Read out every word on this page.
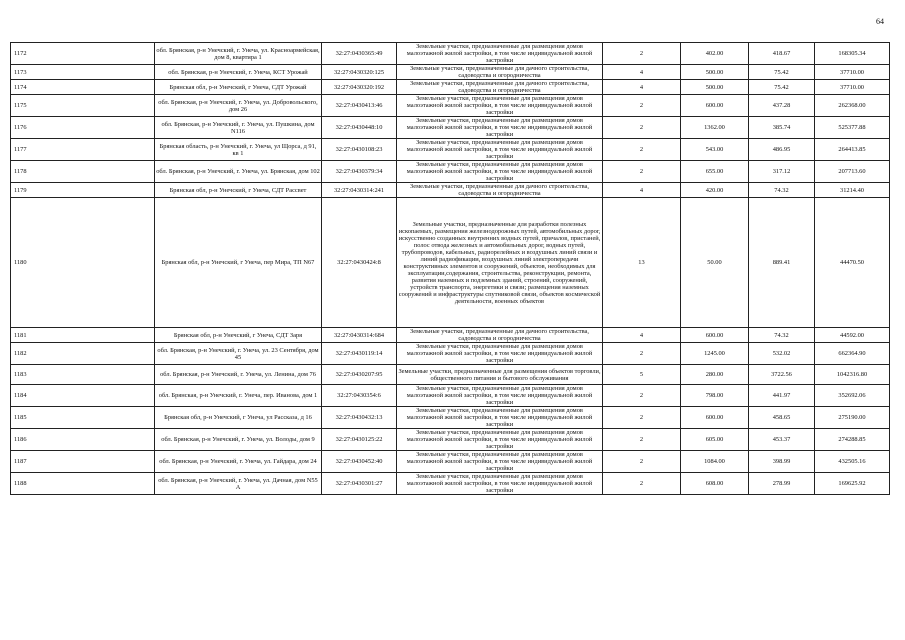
64
1172	обл. Брянская, р-н Унечский, г. Унеча, ул. Красноармейская, дом 8, квартира 1	32:27:0430365:49	Земельные участки, предназначенные для размещения домов малоэтажной жилой застройки, в том числе индивидуальной жилой застройки	2	402.00	418.67	168305.34
1173	обл. Брянская, р-н Унечский, г. Унеча, КСТ Урожай	32:27:0430320:125	Земельные участки, предназначенные для дачного строительства, садоводства и огородничества	4	500.00	75.42	37710.00
1174	Брянская обл, р-н Унечский, г Унеча, СДТ Урожай	32:27:0430320:192	Земельные участки, предназначенные для дачного строительства, садоводства и огородничества	4	500.00	75.42	37710.00
1175	обл. Брянская, р-н Унечский, г. Унеча, ул. Добровольского, дом 26	32:27:0430413:46	Земельные участки, предназначенные для размещения домов малоэтажной жилой застройки, в том числе индивидуальной жилой застройки	2	600.00	437.28	262368.00
1176	обл. Брянская, р-н Унечский, г. Унеча, ул. Пушкина, дом N116	32:27:0430448:10	Земельные участки, предназначенные для размещения домов малоэтажной жилой застройки, в том числе индивидуальной жилой застройки	2	1362.00	385.74	525377.88
1177	Брянская область, р-н Унечский, г. Унеча, ул Щорса, д 91, кв 1	32:27:0430108:23	Земельные участки, предназначенные для размещения домов малоэтажной жилой застройки, в том числе индивидуальной жилой застройки	2	543.00	486.95	264413.85
1178	обл. Брянская, р-н Унечский, г. Унеча, ул. Брянская, дом 102	32:27:0430379:34	Земельные участки, предназначенные для размещения домов малоэтажной жилой застройки, в том числе индивидуальной жилой застройки	2	655.00	317.12	207713.60
1179	Брянская обл, р-н Унечский, г Унеча, СДТ Рассвет	32:27:0430314:241	Земельные участки, предназначенные для дачного строительства, садоводства и огородничества	4	420.00	74.32	31214.40
1180	Брянская обл, р-н Унечский, г Унеча, пер Мира, ТП N67	32:27:0430424:8	Земельные участки, предназначенные для разработки полезных ископаемых, размещения железнодорожных путей, автомобильных дорог, искусственно созданных внутренних водных путей, причалов, пристаней, полос отвода железных и автомобильных дорог, водных путей, трубопроводов, кабельных, радиорелейных и воздушных линий связи и линий радиофикации, воздушных линий электропередачи конструктивных элементов и сооружений, объектов, необходимых для эксплуатации,содержания, строительства, реконструкции, ремонта, развития наземных и подземных зданий, строений, сооружений, устройств транспорта, энергетики и связи; размещения наземных сооружений и инфраструктуры спутниковой связи, объектов космической деятельности, военных объектов	13	50.00	889.41	44470.50
1181	Брянская обл, р-н Унечский, г Унеча, СДТ Заря	32:27:0430314:684	Земельные участки, предназначенные для дачного строительства, садоводства и огородничества	4	600.00	74.32	44592.00
1182	обл. Брянская, р-н Унечский, г. Унеча, ул. 23 Сентября, дом 45	32:27:0430119:14	Земельные участки, предназначенные для размещения домов малоэтажной жилой застройки, в том числе индивидуальной жилой застройки	2	1245.00	532.02	662364.90
1183	обл. Брянская, р-н Унечский, г. Унеча, ул. Ленина, дом 76	32:27:0430207:95	Земельные участки, предназначенные для размещения объектов торговли, общественного питания и бытового обслуживания	5	280.00	3722.56	1042316.80
1184	обл. Брянская, р-н Унечский, г. Унеча, пер. Иванова, дом 1	32:27:0430354:6	Земельные участки, предназначенные для размещения домов малоэтажной жилой застройки, в том числе индивидуальной жилой застройки	2	798.00	441.97	352692.06
1185	Брянская обл, р-н Унечский, г Унеча, ул Рассказа, д 16	32:27:0430432:13	Земельные участки, предназначенные для размещения домов малоэтажной жилой застройки, в том числе индивидуальной жилой застройки	2	600.00	458.65	275190.00
1186	обл. Брянская, р-н Унечский, г. Унеча, ул. Володы, дом 9	32:27:0430125:22	Земельные участки, предназначенные для размещения домов малоэтажной жилой застройки, в том числе индивидуальной жилой застройки	2	605.00	453.37	274288.85
1187	обл. Брянская, р-н Унечский, г. Унеча, ул. Гайдара, дом 24	32:27:0430452:40	Земельные участки, предназначенные для размещения домов малоэтажной жилой застройки, в том числе индивидуальной жилой застройки	2	1084.00	398.99	432505.16
1188	обл. Брянская, р-н Унечский, г. Унеча, ул. Дачная, дом N55 А	32:27:0430301:27	Земельные участки, предназначенные для размещения домов малоэтажной жилой застройки, в том числе индивидуальной жилой застройки	2	608.00	278.99	169625.92
